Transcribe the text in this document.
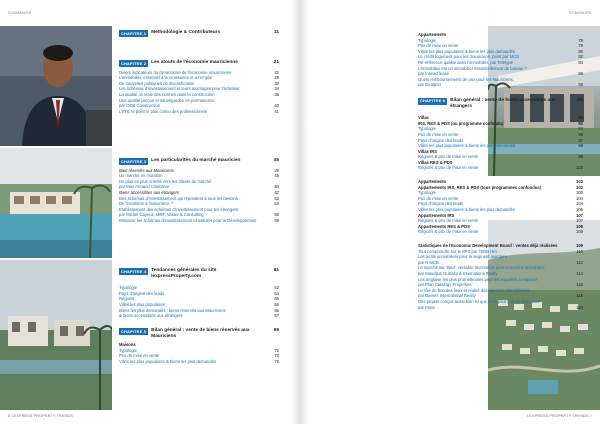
SOMMAIRE
CHAPITRE 1	Méthodologie & Contributeurs	11
CHAPITRE 2	Les atouts de l'économie mauricienne	21
Divers indicateurs du dynamisme de l'économie mauricienne	22
L'immobilier, essentiel à la croissance et à l'emploi	28
De nouvelles politiques de diversification	30
Les schémas d'investissement et leurs avantages pour l'acheteur	34
La qualité, la vraie des normes dans la construction	36
Une qualité perçue et sauvegardée en permanence
par OCB Construction	40
L'IRS, le point le plus connu des professionnels	41
CHAPITRE 3	Les particularités du marché mauricien	45
Bien réservés aux Mauriciens	46
Un marché en mutation	46
De plus en plus orienté vers les clients du marché
par Max Armand Clodomar	50
Biens accessibles aux étrangers	52
Des schémas d'investissement qui répondent à tous les besoins	52
De l'exotisme à l'assurance ?	53
Etablissement des schémas d'investissement pour les étrangers
par Michel Cayeux, MRF, Valuer & Consulting	56
Relancer les schémas d'investissement et assurer pour la Développement	58
CHAPITRE 4	Tendances générales du site lexpressProperty.com
61
Typologie	62
Pays d'origine des leads	64
Régions	65
Villes les plus populaires	66
Biens les plus demandés : biens réservés aux Mauriciens	66
& biens accessibles aux étrangers	67
CHAPITRE 5	Bilan général : vente de biens réservés aux Mauriciens
69
Maisons
Typologie	72
Prix de mise en vente	73
Villes les plus populaires & biens les plus demandés	76
6 LEXPRESS PROPERTY TRENDS
SOMMAIRE
Appartements
Typologie	78
Prix de mise en vente	79
Villes les plus populaires & biens les plus demandés	80
Le crédit logement pour les mauriciens, point par MCB	82
Ré-référence qualité dans l'immobilier, par Teletype	84
L'immobilier est un immobilier essentiellement de bureau ?
par Insead lease	86
Quels remboursements de prix pour les Mauriciens,
par Dealport	88
CHAPITRE 6	Bilan général : vente de biens accessibles aux étrangers
91
Villas	92
IRS, RES & PDS (ou programme confondu)	92
Typologie	93
Prix de mise en vente	96
Pays d'origine des leads	97
Villes les plus populaires & biens les plus demandés	98
Villas IRS
Régions & prix de mise en vente	99
Villas RES & PDS
Régions & prix de mise en vente	100
Appartements	102
Appartements IRS, RES & PDS (tous programmes confondus)	102
Typologie	103
Prix de mise en vente	104
Pays d'origine des leads	104
Villes les plus populaires & biens les plus demandés	105
Appartements IRS	107
Régions & prix de mise en vente	107
Appartements RES & PDS	108
Régions & prix de mise en vente	108
Statistiques de l'Economic Development Board : ventes déjà réalisées	109
Tout comprendre sur le SPS par l'EDB Hm	110
Les petits immobiliers pour le segment aventure
par N MCB	112
Le marché sur 'land', véritable locomotive pour le marché immobilier,
par Maudijus Gutraky & Internationil Realty	114
Les anglaise les plus prometteuses pour les expatriés à Maurice
par Plan Catalogy Properties	116
Le rôle de bon des lieux et réalité des agences immobilières
par Dames International Realty	118
Des projets conçus aussi bien ici que ici et pour tout au soulevant
par Feda	120
LEXPRESS PROPERTY TRENDS 7
